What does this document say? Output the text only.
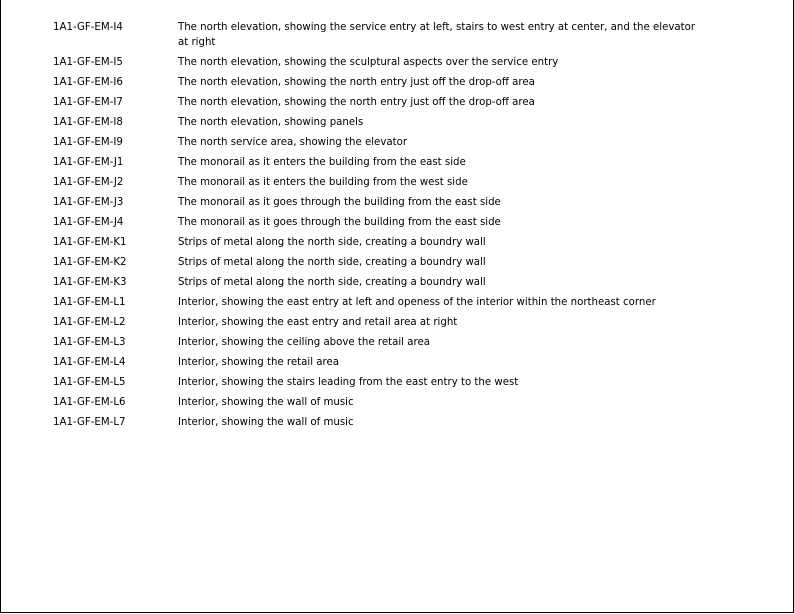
1A1-GF-EM-I4	The north elevation, showing the service entry at left, stairs to west entry at center, and the elevator at right
1A1-GF-EM-I5	The north elevation, showing the sculptural aspects over the service entry
1A1-GF-EM-I6	The north elevation, showing the north entry just off the drop-off area
1A1-GF-EM-I7	The north elevation, showing the north entry just off the drop-off area
1A1-GF-EM-I8	The north elevation, showing panels
1A1-GF-EM-I9	The north service area, showing the elevator
1A1-GF-EM-J1	The monorail as it enters the building from the east side
1A1-GF-EM-J2	The monorail as it enters the building from the west side
1A1-GF-EM-J3	The monorail as it goes through the building from the east side
1A1-GF-EM-J4	The monorail as it goes through the building from the east side
1A1-GF-EM-K1	Strips of metal along the north side, creating a boundry wall
1A1-GF-EM-K2	Strips of metal along the north side, creating a boundry wall
1A1-GF-EM-K3	Strips of metal along the north side, creating a boundry wall
1A1-GF-EM-L1	Interior, showing the east entry at left and openess of the interior within the northeast corner
1A1-GF-EM-L2	Interior, showing the east entry and retail area at right
1A1-GF-EM-L3	Interior, showing the ceiling above the retail area
1A1-GF-EM-L4	Interior, showing the retail area
1A1-GF-EM-L5	Interior, showing the stairs leading from the east entry to the west
1A1-GF-EM-L6	Interior, showing the wall of music
1A1-GF-EM-L7	Interior, showing the wall of music
